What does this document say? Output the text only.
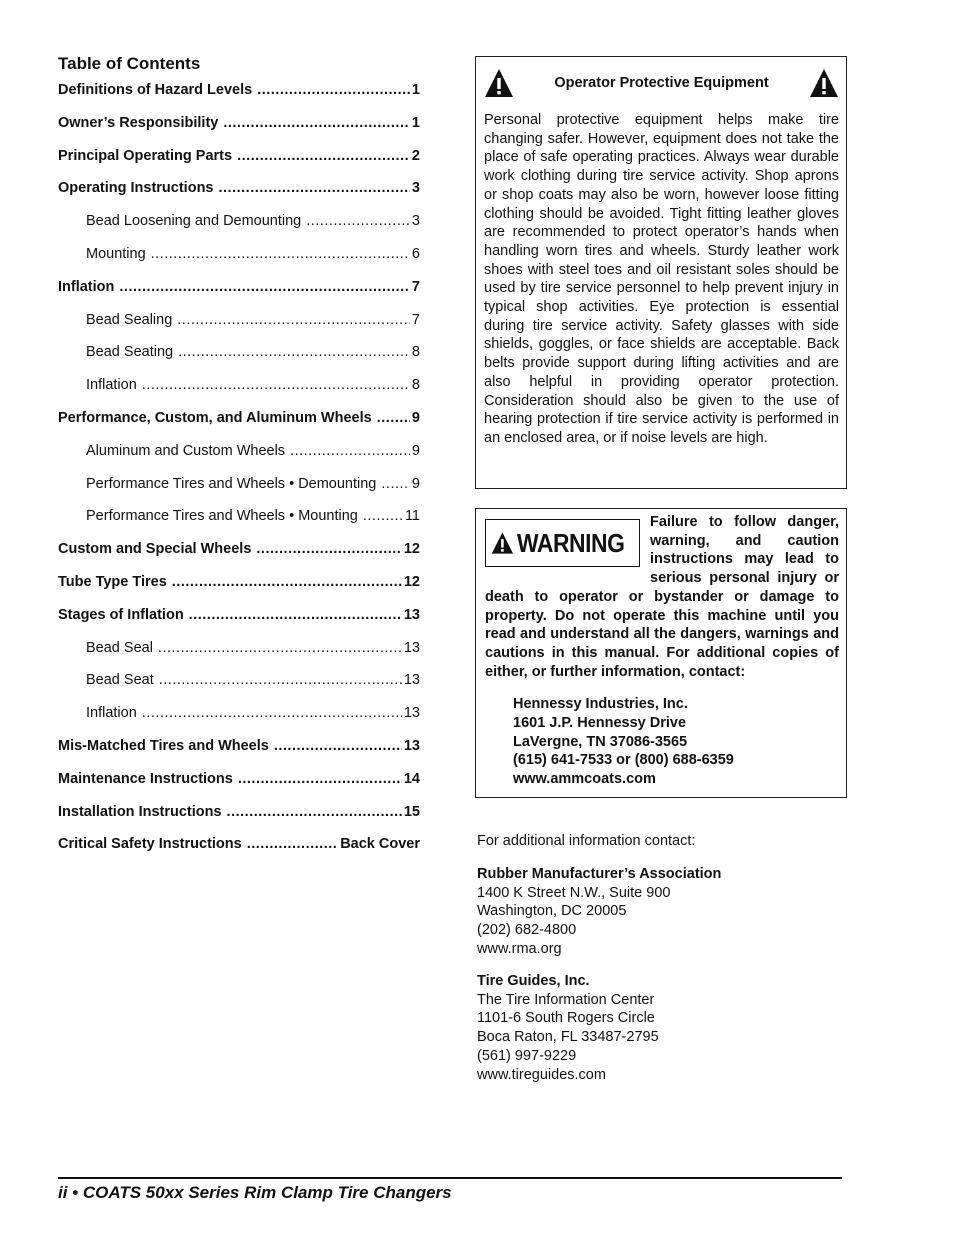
Table of Contents
Definitions of Hazard Levels .....	1
Owner’s Responsibility .....	1
Principal Operating Parts .....	2
Operating Instructions .....	3
Bead Loosening and Demounting .....	3
Mounting .....	6
Inflation .....	7
Bead Sealing .....	7
Bead Seating .....	8
Inflation .....	8
Performance, Custom, and Aluminum Wheels .....	9
Aluminum and Custom Wheels .....	9
Performance Tires and Wheels • Demounting ..... 9
Performance Tires and Wheels • Mounting .....	11
Custom and Special Wheels .....	12
Tube Type Tires .....	12
Stages of Inflation .....	13
Bead Seal .....	13
Bead Seat .....	13
Inflation .....	13
Mis-Matched Tires and Wheels .....	13
Maintenance Instructions .....	14
Installation Instructions .....	15
Critical Safety Instructions .....	Back Cover
Operator Protective Equipment

Personal protective equipment helps make tire changing safer. However, equipment does not take the place of safe operating practices. Always wear durable work clothing during tire service activity. Shop aprons or shop coats may also be worn, however loose fitting clothing should be avoided. Tight fitting leather gloves are recommended to protect operator’s hands when handling worn tires and wheels. Sturdy leather work shoes with steel toes and oil resistant soles should be used by tire service personnel to help prevent injury in typical shop activities. Eye protection is essential during tire service activity. Safety glasses with side shields, goggles, or face shields are acceptable. Back belts provide support during lifting activities and are also helpful in providing operator protection. Consideration should also be given to the use of hearing protection if tire service activity is performed in an enclosed area, or if noise levels are high.

WARNING

Failure to follow danger, warning, and caution instructions may lead to serious personal injury or death to operator or bystander or damage to property. Do not operate this machine until you read and understand all the dangers, warnings and cautions in this manual. For additional copies of either, or further information, contact:

Hennessy Industries, Inc.
1601 J.P. Hennessy Drive
LaVergne, TN 37086-3565
(615) 641-7533 or (800) 688-6359
www.ammcoats.com
For additional information contact:
Rubber Manufacturer’s Association
1400 K Street N.W., Suite 900
Washington, DC 20005
(202) 682-4800
www.rma.org
Tire Guides, Inc.
The Tire Information Center
1101-6 South Rogers Circle
Boca Raton, FL 33487-2795
(561) 997-9229
www.tireguides.com
ii • COATS 50xx Series Rim Clamp Tire Changers
